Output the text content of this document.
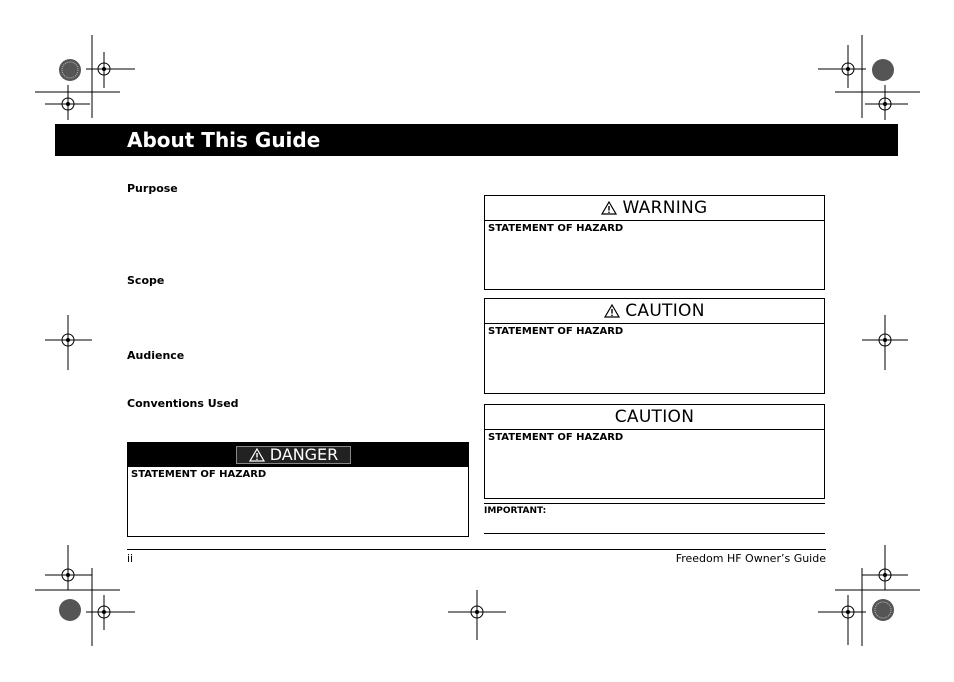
About This Guide
Purpose
Scope
Audience
Conventions Used
DANGER
STATEMENT OF HAZARD
WARNING
STATEMENT OF HAZARD
CAUTION
STATEMENT OF HAZARD
CAUTION
STATEMENT OF HAZARD
IMPORTANT:
ii	Freedom HF Owner’s Guide
